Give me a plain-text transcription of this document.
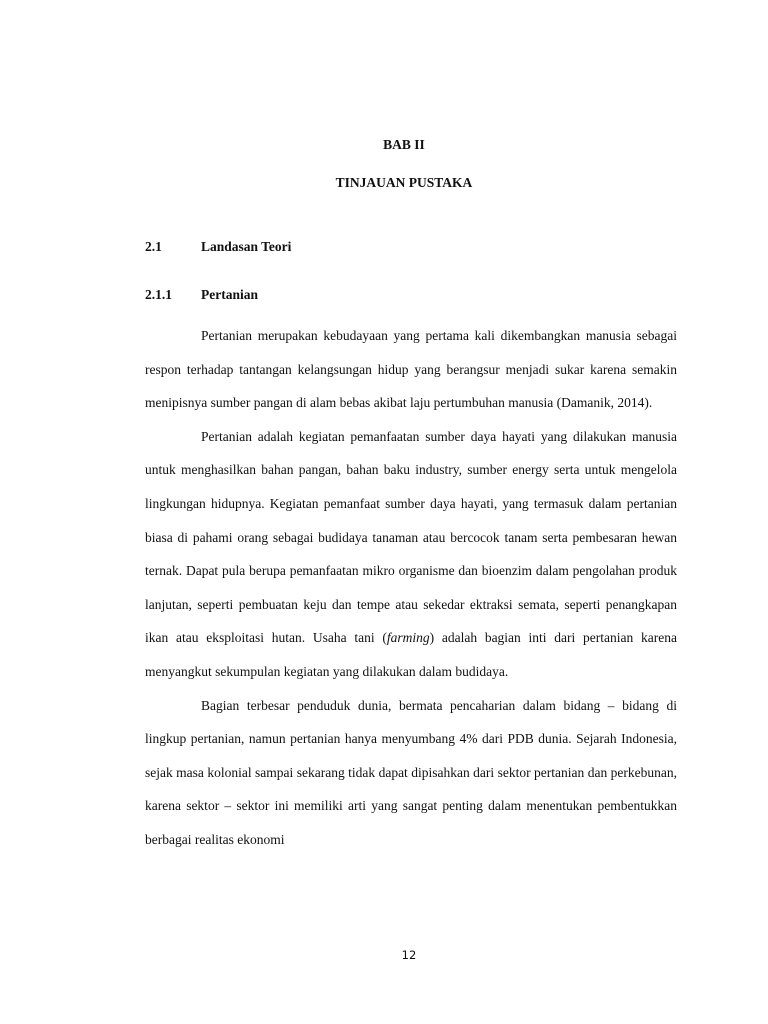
BAB II
TINJAUAN PUSTAKA
2.1	Landasan Teori
2.1.1 Pertanian

Pertanian merupakan kebudayaan yang pertama kali dikembangkan manusia sebagai respon terhadap tantangan kelangsungan hidup yang berangsur menjadi sukar karena semakin menipisnya sumber pangan di alam bebas akibat laju pertumbuhan manusia (Damanik, 2014).

Pertanian adalah kegiatan pemanfaatan sumber daya hayati yang dilakukan manusia untuk menghasilkan bahan pangan, bahan baku industry, sumber energy serta untuk mengelola lingkungan hidupnya. Kegiatan pemanfaat sumber daya hayati, yang termasuk dalam pertanian biasa di pahami orang sebagai budidaya tanaman atau bercocok tanam serta pembesaran hewan ternak. Dapat pula berupa pemanfaatan mikro organisme dan bioenzim dalam pengolahan produk lanjutan, seperti pembuatan keju dan tempe atau sekedar ektraksi semata, seperti penangkapan ikan atau eksploitasi hutan. Usaha tani (farming) adalah bagian inti dari pertanian karena menyangkut sekumpulan kegiatan yang dilakukan dalam budidaya.

Bagian terbesar penduduk dunia, bermata pencaharian dalam bidang – bidang di lingkup pertanian, namun pertanian hanya menyumbang 4% dari PDB dunia. Sejarah Indonesia, sejak masa kolonial sampai sekarang tidak dapat dipisahkan dari sektor pertanian dan perkebunan, karena sektor – sektor ini memiliki arti yang sangat penting dalam menentukan pembentukkan berbagai realitas ekonomi

12
